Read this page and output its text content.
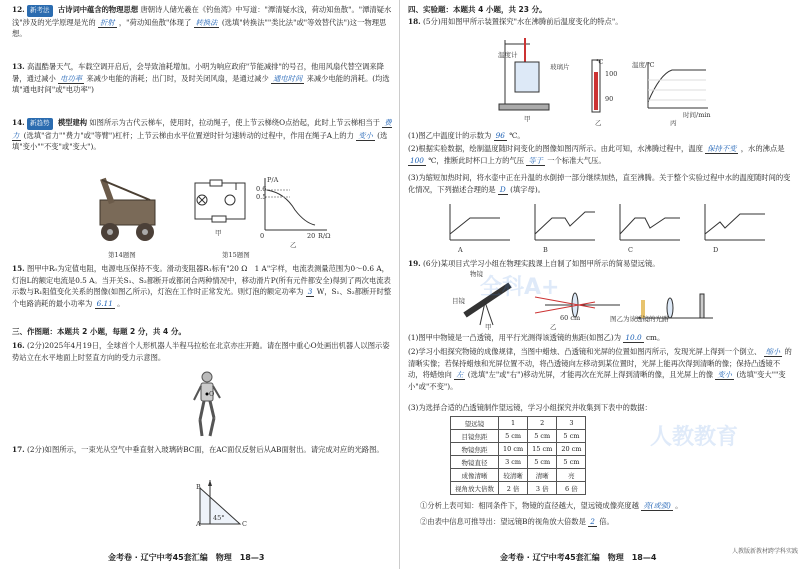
12. 新考法 古诗词中蕴含的物理思想 唐朝诗人储光羲在《钓鱼湾》中写道："潭清疑水浅，荷动知鱼散"。"潭清疑水浅"涉及的光学原理是光的 折射 ，"荷动知鱼散"体现了 转换法 (选填"转换法""类比法"或"等效替代法")这一物理思想。
13. 高温酷暑天气，车载空调开启后，会导致油耗增加。小明为响应政府"节能减排"的号召，他用风扇代替空调来降暑，通过减小 电功率 来减少电能的消耗；出门时，及时关闭风扇，是通过减少 通电时间 来减少电能的消耗。(均选填"通电时间"或"电功率")
14. 新趋势 模型建构 如图所示为古代云梯车，使用时，拉动绳子，使上节云梯绕O点抬起，此时上节云梯相当于 费力 (选填"省力""费力"或"等臂")杠杆；上节云梯由水平位置逆时针匀速转动的过程中，作用在绳子A上的力 变小 (选填"变小""不变"或"变大")。
第14题图
甲
P/A
0.6
0.5
0	20 R/Ω
乙
第15题图
15. 图甲中R₀为定值电阻，电源电压保持不变。滑动变阻器R₁标有"20 Ω　1 A"字样，电流表测量范围为0～0.6 A，灯泡L的额定电流是0.5 A。当开关S₁、S₂都断开或都闭合两种情况中，移动滑片P(所有元件都安全)得到了两次电流表示数与R₁阻值变化关系的图像(如图乙所示)，灯泡在工作时正常发光。则灯泡的额定功率为 3 W，S₁、S₂都断开时整个电路消耗的最小功率为 6.11 。
三、作图题：本题共 2 小题，每题 2 分，共 4 分。
16. (2分)2025年4月19日，全球首个人形机器人半程马拉松在北京亦庄开跑。请在图中重心O处画出机器人以图示姿势站立在水平地面上时竖直方向的受力示意图。
O
17. (2分)如图所示，一束光从空气中垂直射入玻璃砖BC面，在AC面仅反射后从AB面射出。请完成对应的光路图。
B
A	C
45°
金考卷 · 辽宁中考45套汇编　物理　18—3
四、实验题：本题共 4 小题，共 23 分。
18. (5分)用如图甲所示装置探究"水在沸腾前后温度变化的特点"。
温度计
玻璃片
甲
℃
100
90
乙
温度/℃
时间/min
丙
(1)图乙中温度计的示数为 96 ℃。
(2)根据实验数据，绘制温度随时间变化的图像如图丙所示。由此可知，水沸腾过程中，温度 保持不变 ，水的沸点是 100 ℃，推断此时杯口上方的气压 等于 一个标准大气压。
(3)为缩短加热时间，将水壶中正在升温的水倒掉一部分继续加热，直至沸腾。关于整个实验过程中水的温度随时间的变化情况，下列描述合理的是 D (填字母)。
A	B	C	D
19. (6分)某项目式学习小组在物理实践课上自制了如图甲所示的简易望远镜。
物镜
目镜
甲	乙
60 cm	图乙为该透镜的光路
(1)图甲中物镜是一凸透镜，用平行光测得该透镜的焦距(如图乙)为 10.0 cm。
(2)学习小组探究物镜的成像规律，当图中蜡烛、凸透镜和光屏的位置如图丙所示，发现光屏上得到一个倒立、 缩小 的清晰实像；若保持蜡烛和光屏位置不动，将凸透镜向左移动到某位置时，光屏上能再次得到清晰的像；保持凸透镜不动，将蜡烛向 左 (选填"左"或"右")移动光屏，才能再次在光屏上得到清晰的像，且光屏上的像 变小 (选填"变大""变小"或"不变")。
(3)为选择合适的凸透镜制作望远镜，学习小组探究并收集到下表中的数据：
望远镜	1	2	3
目镜焦距	5 cm	5 cm	5 cm
物镜焦距	10 cm	15 cm	20 cm
物镜直径	3 cm	5 cm	5 cm
成像清晰	较清晰	清晰	亮
视角放大倍数	2 倍	3 倍	6 倍
①分析上表可知：相同条件下，物镜的直径越大，望远镜成像亮度越 亮(或强) 。
②由表中信息可推导出：望远镜B的视角放大倍数是 2 倍。
全科A+
人教教育
人教版新教材跨学科实践
金考卷 · 辽宁中考45套汇编　物理　18—4
